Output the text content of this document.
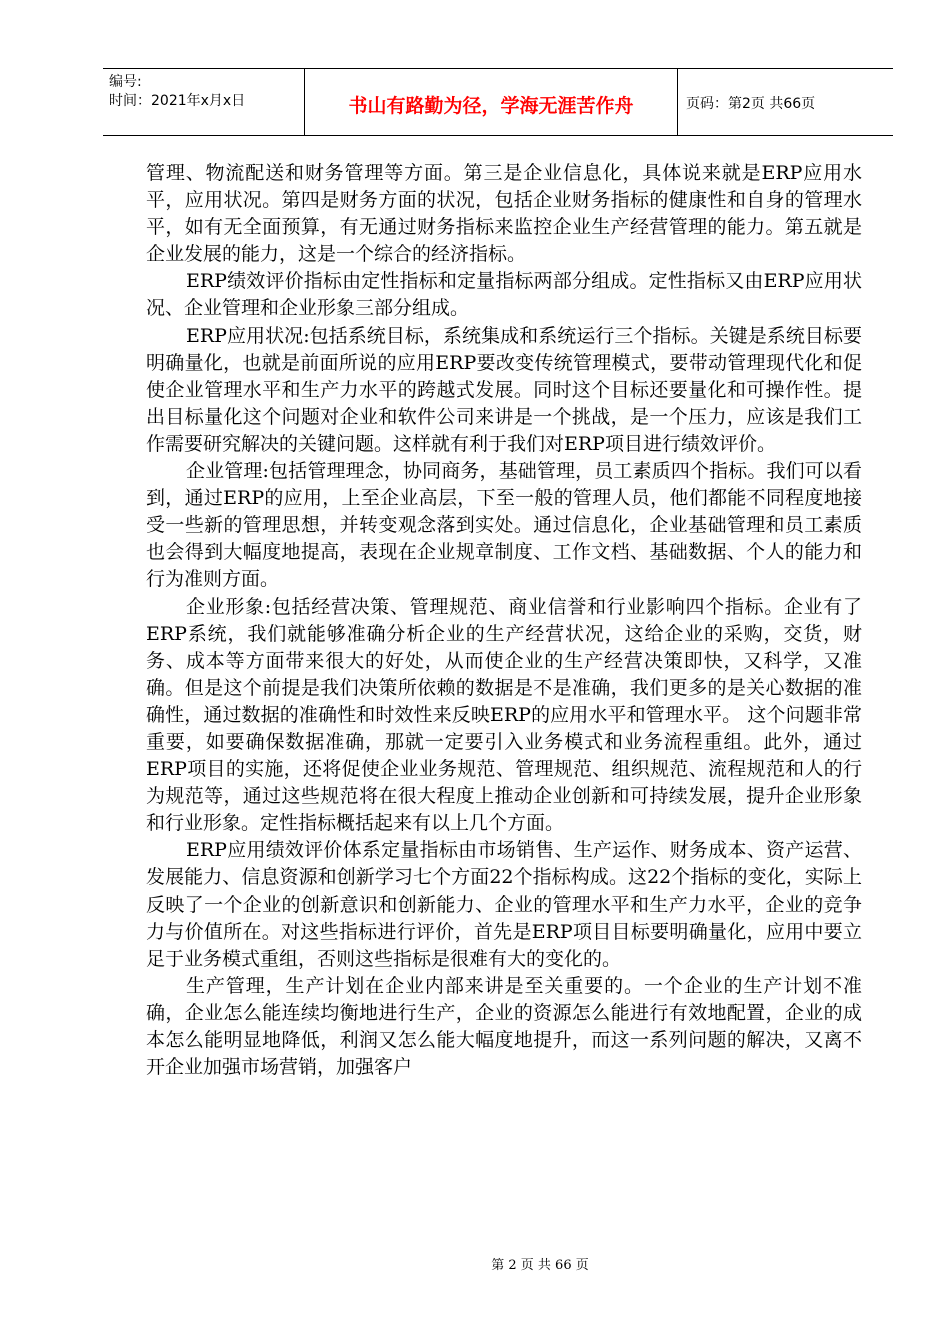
编号:
时间：2021年x月x日	书山有路勤为径，学海无涯苦作舟	页码：第2页 共66页

管理、物流配送和财务管理等方面。第三是企业信息化，具体说来就是ERP应用水平，应用状况。第四是财务方面的状况，包括企业财务指标的健康性和自身的管理水平，如有无全面预算，有无通过财务指标来监控企业生产经营管理的能力。第五就是企业发展的能力，这是一个综合的经济指标。

ERP绩效评价指标由定性指标和定量指标两部分组成。定性指标又由ERP应用状况、企业管理和企业形象三部分组成。

ERP应用状况:包括系统目标，系统集成和系统运行三个指标。关键是系统目标要明确量化，也就是前面所说的应用ERP要改变传统管理模式，要带动管理现代化和促使企业管理水平和生产力水平的跨越式发展。同时这个目标还要量化和可操作性。提出目标量化这个问题对企业和软件公司来讲是一个挑战，是一个压力，应该是我们工作需要研究解决的关键问题。这样就有利于我们对ERP项目进行绩效评价。

企业管理:包括管理理念，协同商务，基础管理，员工素质四个指标。我们可以看到，通过ERP的应用，上至企业高层，下至一般的管理人员，他们都能不同程度地接受一些新的管理思想，并转变观念落到实处。通过信息化，企业基础管理和员工素质也会得到大幅度地提高，表现在企业规章制度、工作文档、基础数据、个人的能力和行为准则方面。

企业形象:包括经营决策、管理规范、商业信誉和行业影响四个指标。企业有了ERP系统，我们就能够准确分析企业的生产经营状况，这给企业的采购，交货，财务、成本等方面带来很大的好处，从而使企业的生产经营决策即快，又科学，又准确。但是这个前提是我们决策所依赖的数据是不是准确，我们更多的是关心数据的准确性，通过数据的准确性和时效性来反映ERP的应用水平和管理水平。 这个问题非常重要，如要确保数据准确，那就一定要引入业务模式和业务流程重组。此外，通过ERP项目的实施，还将促使企业业务规范、管理规范、组织规范、流程规范和人的行为规范等，通过这些规范将在很大程度上推动企业创新和可持续发展，提升企业形象和行业形象。定性指标概括起来有以上几个方面。

ERP应用绩效评价体系定量指标由市场销售、生产运作、财务成本、资产运营、发展能力、信息资源和创新学习七个方面22个指标构成。这22个指标的变化，实际上反映了一个企业的创新意识和创新能力、企业的管理水平和生产力水平，企业的竞争力与价值所在。对这些指标进行评价，首先是ERP项目目标要明确量化，应用中要立足于业务模式重组，否则这些指标是很难有大的变化的。

生产管理，生产计划在企业内部来讲是至关重要的。一个企业的生产计划不准确，企业怎么能连续均衡地进行生产，企业的资源怎么能进行有效地配置，企业的成本怎么能明显地降低，利润又怎么能大幅度地提升，而这一系列问题的解决，又离不开企业加强市场营销，加强客户

第 2 页 共 66 页
